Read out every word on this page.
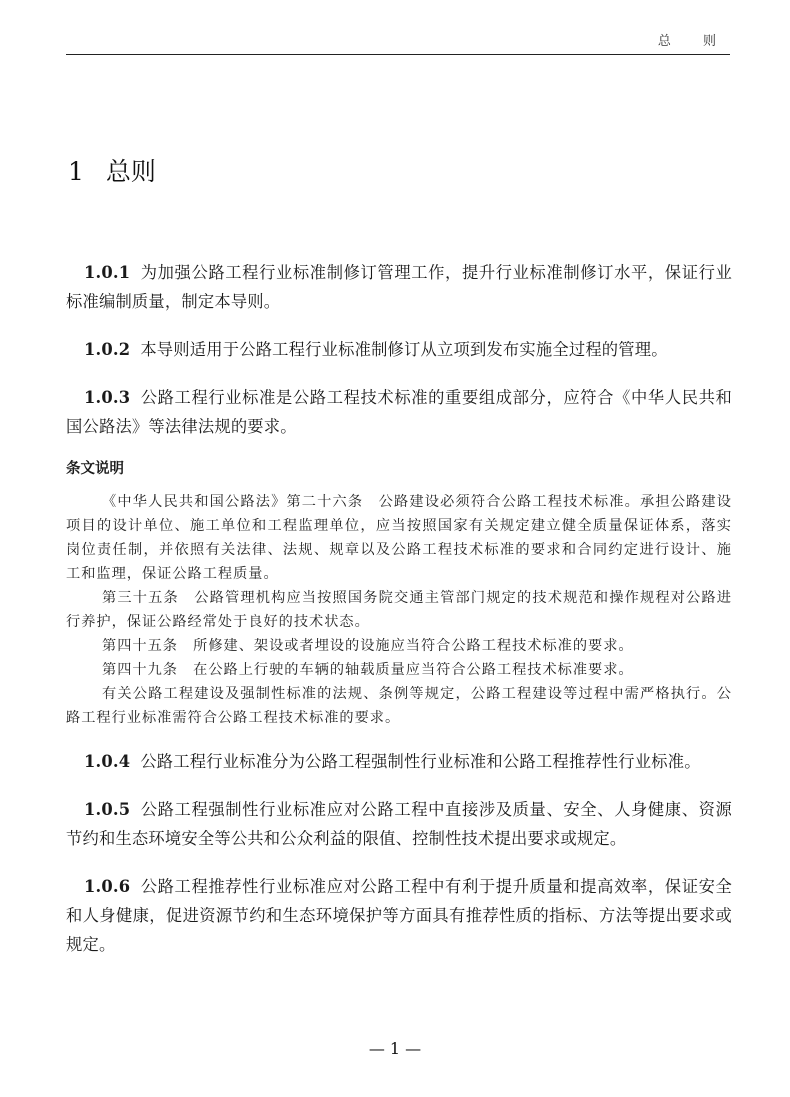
总 则
1 总则

1.0.1 为加强公路工程行业标准制修订管理工作，提升行业标准制修订水平，保证行业标准编制质量，制定本导则。

1.0.2 本导则适用于公路工程行业标准制修订从立项到发布实施全过程的管理。

1.0.3 公路工程行业标准是公路工程技术标准的重要组成部分，应符合《中华人民共和国公路法》等法律法规的要求。

条文说明

《中华人民共和国公路法》第二十六条　公路建设必须符合公路工程技术标准。承担公路建设项目的设计单位、施工单位和工程监理单位，应当按照国家有关规定建立健全质量保证体系，落实岗位责任制，并依照有关法律、法规、规章以及公路工程技术标准的要求和合同约定进行设计、施工和监理，保证公路工程质量。

第三十五条　公路管理机构应当按照国务院交通主管部门规定的技术规范和操作规程对公路进行养护，保证公路经常处于良好的技术状态。

第四十五条　所修建、架设或者埋设的设施应当符合公路工程技术标准的要求。

第四十九条　在公路上行驶的车辆的轴载质量应当符合公路工程技术标准要求。

有关公路工程建设及强制性标准的法规、条例等规定，公路工程建设等过程中需严格执行。公路工程行业标准需符合公路工程技术标准的要求。

1.0.4 公路工程行业标准分为公路工程强制性行业标准和公路工程推荐性行业标准。

1.0.5 公路工程强制性行业标准应对公路工程中直接涉及质量、安全、人身健康、资源节约和生态环境安全等公共和公众利益的限值、控制性技术提出要求或规定。

1.0.6 公路工程推荐性行业标准应对公路工程中有利于提升质量和提高效率，保证安全和人身健康，促进资源节约和生态环境保护等方面具有推荐性质的指标、方法等提出要求或规定。

— 1 —
